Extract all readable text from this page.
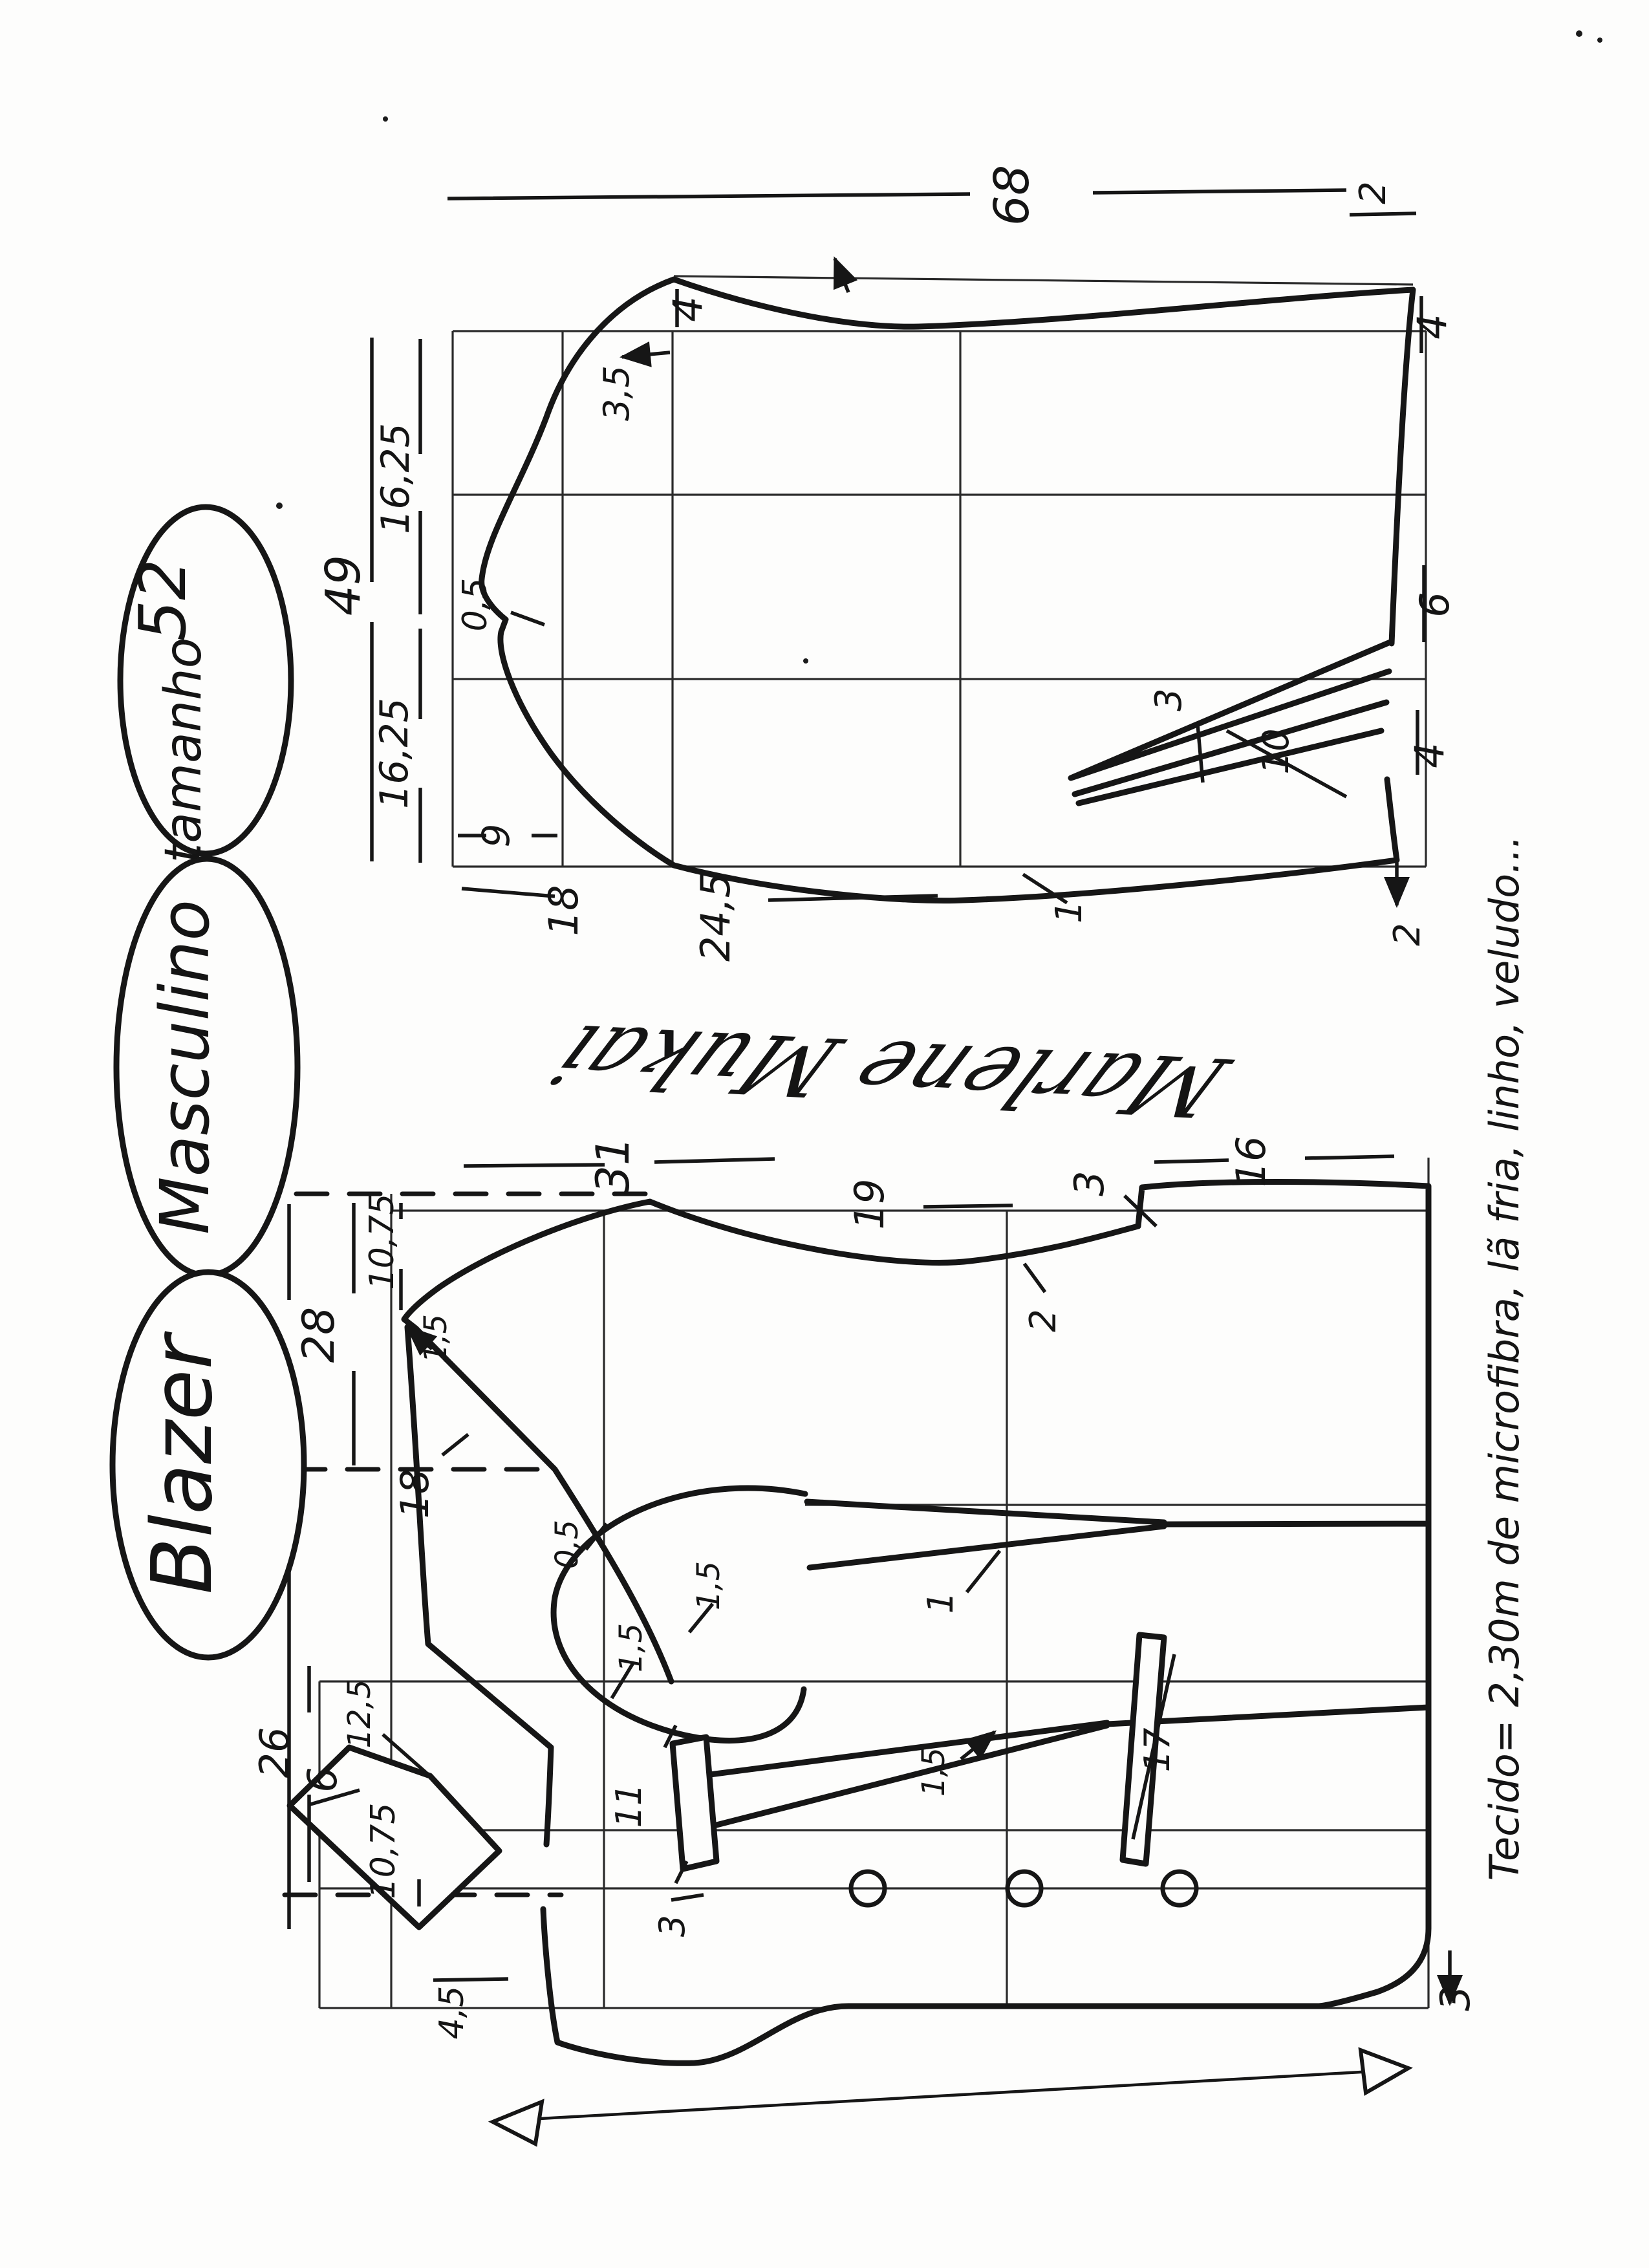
68
49
16,25
16,25
0,5
4
3,5
9
18	24,5	1
2
4
6
3
10	4
2
31
19	3	16
2
28
10,75
1,5
18
26
6
12,5
10,75
4,5
0,5
1,5
1,5
11
3
1
1,5	17
3
52
tamanho
Masculino
Blazer
Marlene Mukai	Tecido= 2,30m de microfibra, lã fria, linho, veludo...
